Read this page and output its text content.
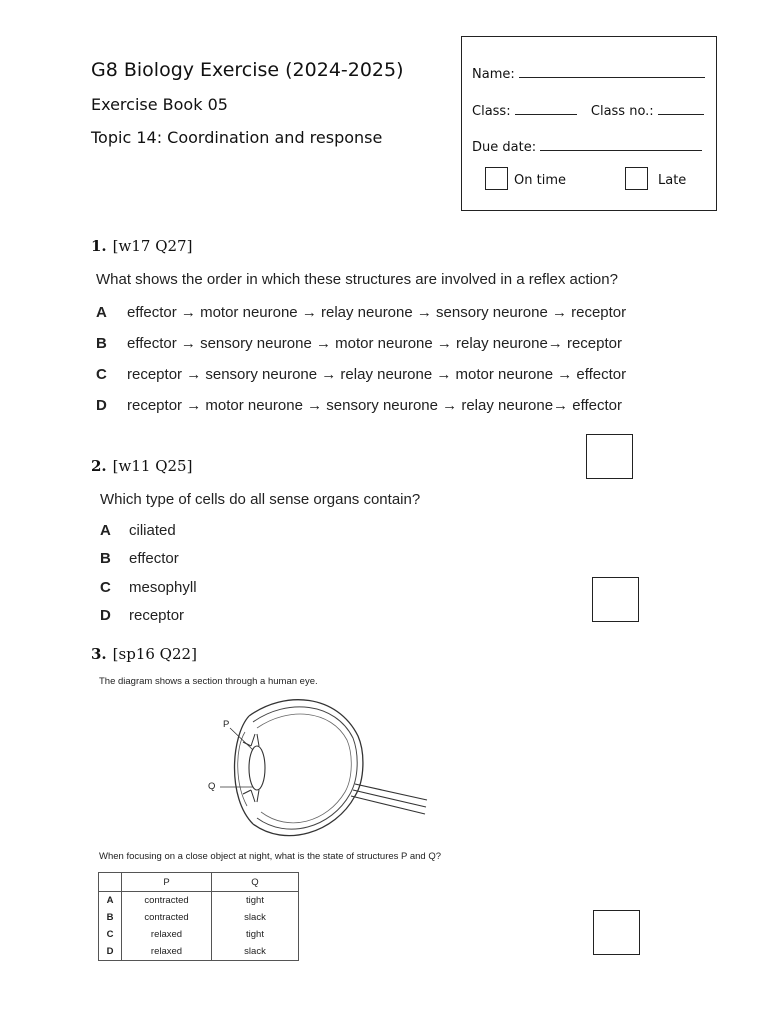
G8 Biology Exercise (2024-2025)
Exercise Book 05
Topic 14: Coordination and response
Name:
Class:	Class no.:
Due date:
On time	Late
1. [w17 Q27]
What shows the order in which these structures are involved in a reflex action?
A effector → motor neurone → relay neurone → sensory neurone → receptor
B effector → sensory neurone → motor neurone → relay neurone→ receptor
C receptor → sensory neurone → relay neurone → motor neurone → effector
D receptor → motor neurone → sensory neurone → relay neurone→ effector
2. [w11 Q25]
Which type of cells do all sense organs contain?
A ciliated
B effector
C mesophyll
D receptor
3. [sp16 Q22]
The diagram shows a section through a human eye.
P
Q
When focusing on a close object at night, what is the state of structures P and Q?
	P	Q
A	contracted	tight
B	contracted	slack
C	relaxed	tight
D	relaxed	slack
